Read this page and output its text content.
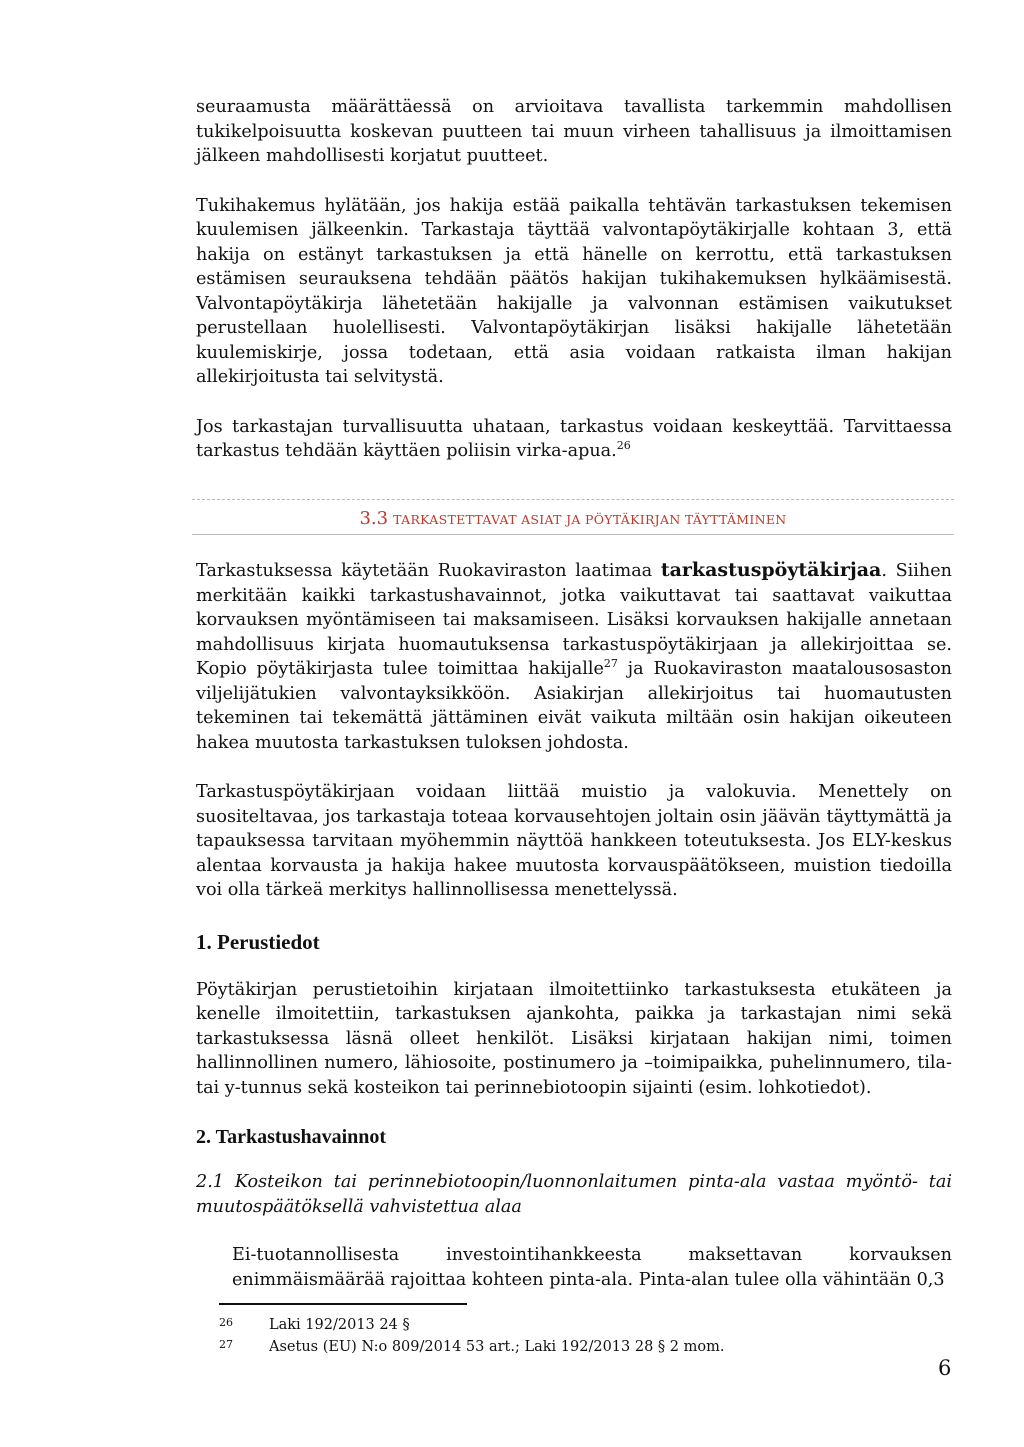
seuraamusta määrättäessä on arvioitava tavallista tarkemmin mahdollisen tukikelpoisuutta koskevan puutteen tai muun virheen tahallisuus ja ilmoittamisen jälkeen mahdollisesti korjatut puutteet.

Tukihakemus hylätään, jos hakija estää paikalla tehtävän tarkastuksen tekemisen kuulemisen jälkeenkin. Tarkastaja täyttää valvontapöytäkirjalle kohtaan 3, että hakija on estänyt tarkastuksen ja että hänelle on kerrottu, että tarkastuksen estämisen seurauksena tehdään päätös hakijan tukihakemuksen hylkäämisestä. Valvontapöytäkirja lähetetään hakijalle ja valvonnan estämisen vaikutukset perustellaan huolellisesti. Valvontapöytäkirjan lisäksi hakijalle lähetetään kuulemiskirje, jossa todetaan, että asia voidaan ratkaista ilman hakijan allekirjoitusta tai selvitystä.

Jos tarkastajan turvallisuutta uhataan, tarkastus voidaan keskeyttää. Tarvittaessa tarkastus tehdään käyttäen poliisin virka-apua.$^{26}$

3.3 TARKASTETTAVAT ASIAT JA PÖYTÄKIRJAN TÄYTTÄMINEN

Tarkastuksessa käytetään Ruokaviraston laatimaa tarkastuspöytäkirjaa. Siihen merkitään kaikki tarkastushavainnot, jotka vaikuttavat tai saattavat vaikuttaa korvauksen myöntämiseen tai maksamiseen. Lisäksi korvauksen hakijalle annetaan mahdollisuus kirjata huomautuksensa tarkastuspöytäkirjaan ja allekirjoittaa se. Kopio pöytäkirjasta tulee toimittaa hakijalle$^{27}$ ja Ruokaviraston maatalousosaston viljelijätukien valvontayksikköön. Asiakirjan allekirjoitus tai huomautusten tekeminen tai tekemättä jättäminen eivät vaikuta miltään osin hakijan oikeuteen hakea muutosta tarkastuksen tuloksen johdosta.

Tarkastuspöytäkirjaan voidaan liittää muistio ja valokuvia. Menettely on suositeltavaa, jos tarkastaja toteaa korvausehtojen joltain osin jäävän täyttymättä ja tapauksessa tarvitaan myöhemmin näyttöä hankkeen toteutuksesta. Jos ELY-keskus alentaa korvausta ja hakija hakee muutosta korvauspäätökseen, muistion tiedoilla voi olla tärkeä merkitys hallinnollisessa menettelyssä.

1. Perustiedot

Pöytäkirjan perustietoihin kirjataan ilmoitettiinko tarkastuksesta etukäteen ja kenelle ilmoitettiin, tarkastuksen ajankohta, paikka ja tarkastajan nimi sekä tarkastuksessa läsnä olleet henkilöt. Lisäksi kirjataan hakijan nimi, toimen hallinnollinen numero, lähiosoite, postinumero ja –toimipaikka, puhelinnumero, tila- tai y-tunnus sekä kosteikon tai perinnebiotoopin sijainti (esim. lohkotiedot).

2. Tarkastushavainnot

2.1 Kosteikon tai perinnebiotoopin/luonnonlaitumen pinta-ala vastaa myöntö- tai muutospäätöksellä vahvistettua alaa

Ei-tuotannollisesta investointihankkeesta maksettavan korvauksen enimmäismäärää rajoittaa kohteen pinta-ala. Pinta-alan tulee olla vähintään 0,3

26	Laki 192/2013 24 §
27	Asetus (EU) N:o 809/2014 53 art.; Laki 192/2013 28 § 2 mom.
6
